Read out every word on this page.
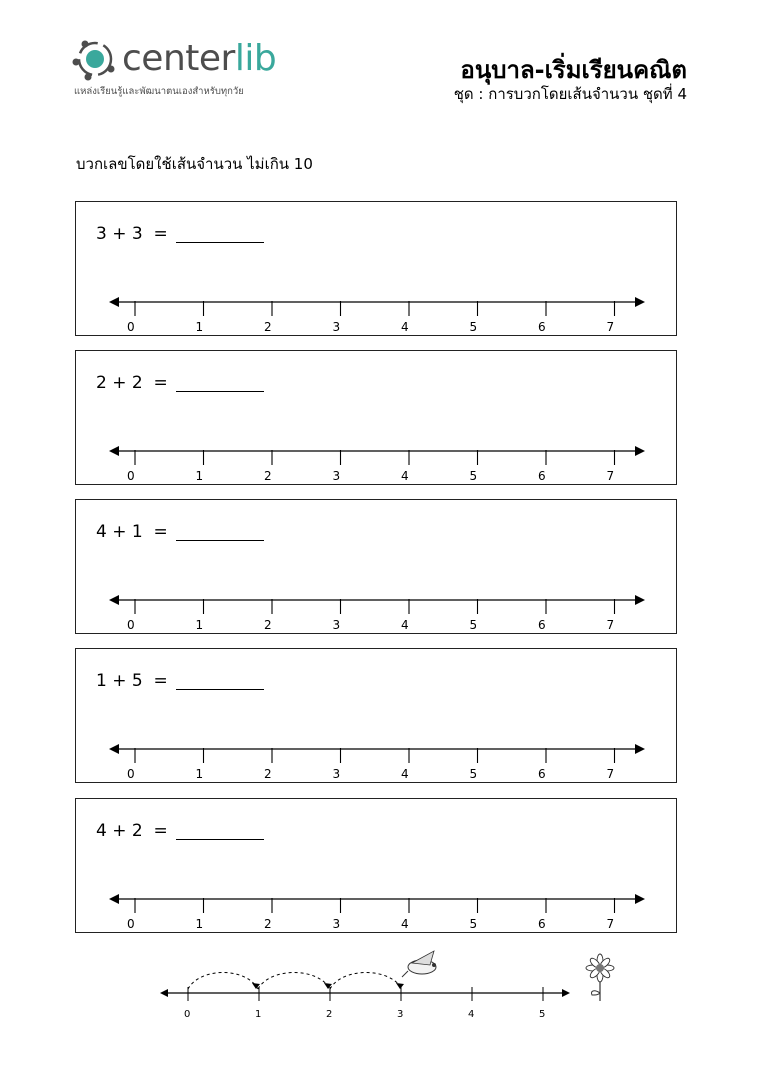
centerlib
แหล่งเรียนรู้และพัฒนาตนเองสำหรับทุกวัย
อนุบาล-เริ่มเรียนคณิต
ชุด : การบวกโดยเส้นจำนวน ชุดที่ 4
บวกเลขโดยใช้เส้นจำนวน ไม่เกิน 10
3 + 3  =
0	1	2	3	4	5	6	7
2 + 2  =
0	1	2	3	4	5	6	7
4 + 1  =
0	1	2	3	4	5	6	7
1 + 5  =
0	1	2	3	4	5	6	7
4 + 2  =
0	1	2	3	4	5	6	7
0	1	2	3	4	5
